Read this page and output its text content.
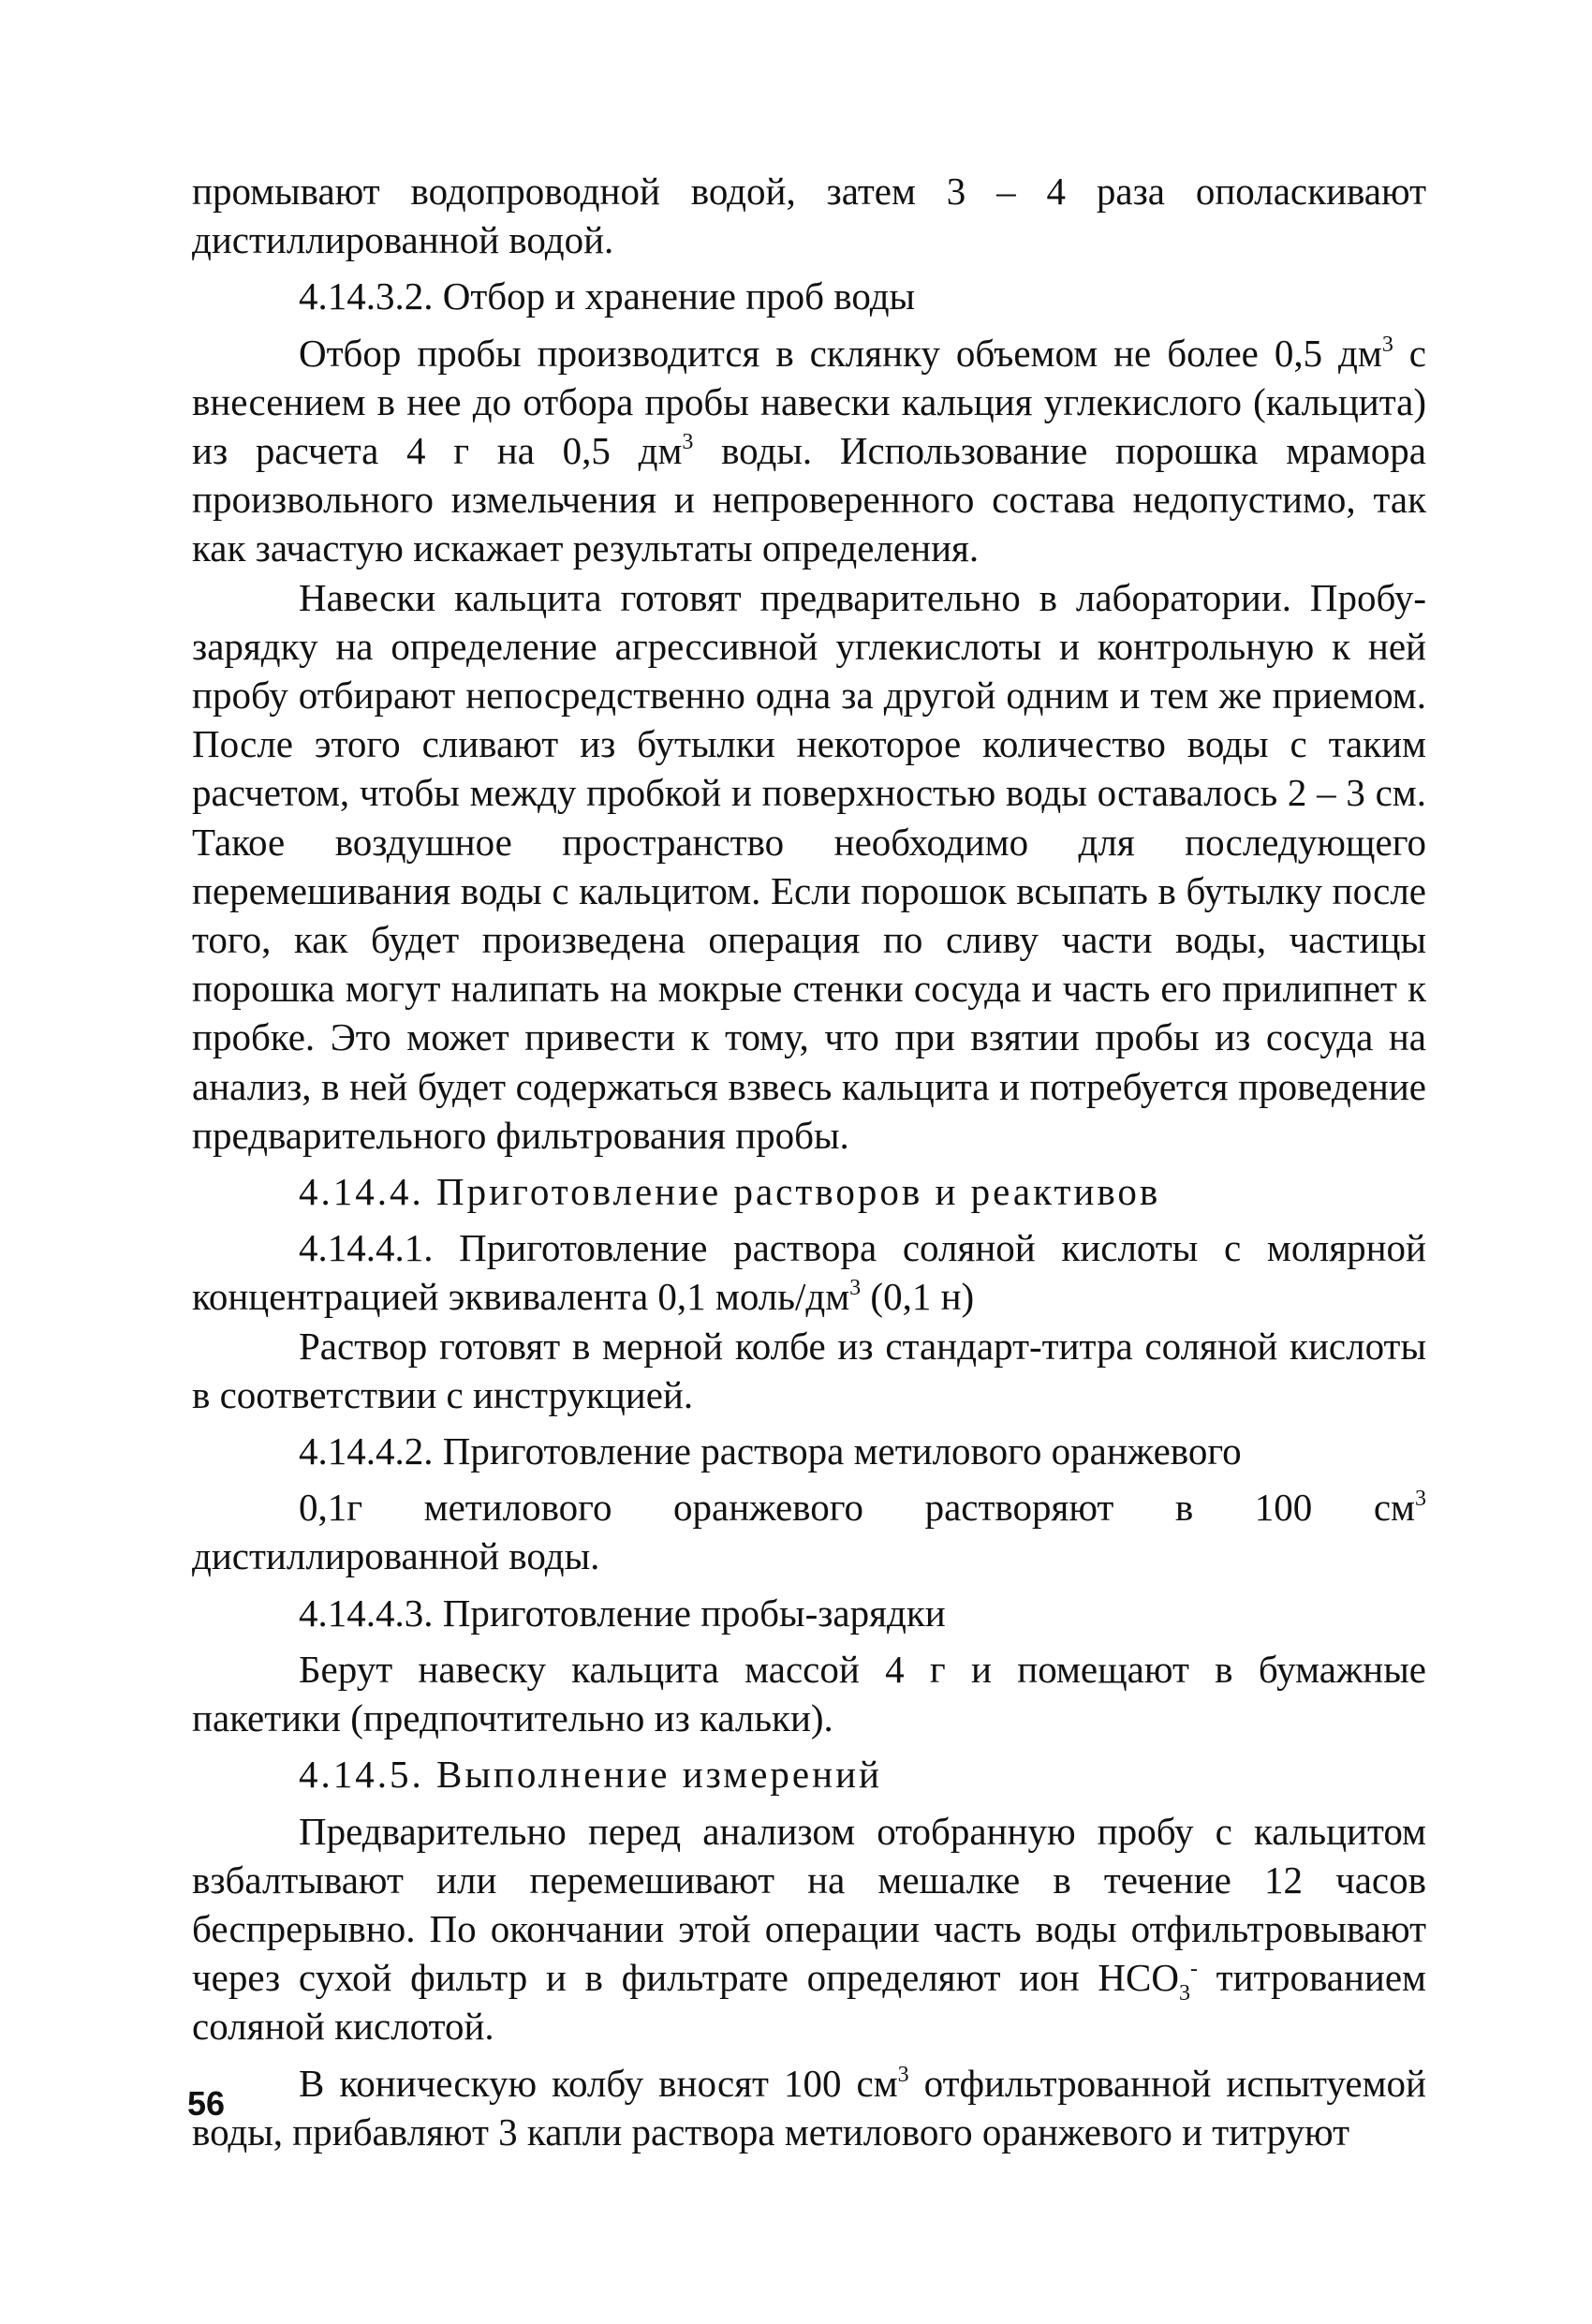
промывают водопроводной водой, затем 3 – 4 раза ополаскивают дистиллированной водой.

4.14.3.2. Отбор и хранение проб воды

Отбор пробы производится в склянку объемом не более 0,5 $дм^3$ с внесением в нее до отбора пробы навески кальция углекислого (кальцита) из расчета 4 г на 0,5 $дм^3$ воды. Использование порошка мрамора произвольного измельчения и непроверенного состава недопустимо, так как зачастую искажает результаты определения.

Навески кальцита готовят предварительно в лаборатории. Пробу-зарядку на определение агрессивной углекислоты и контрольную к ней пробу отбирают непосредственно одна за другой одним и тем же приемом. После этого сливают из бутылки некоторое количество воды с таким расчетом, чтобы между пробкой и поверхностью воды оставалось 2 – 3 см. Такое воздушное пространство необходимо для последующего перемешивания воды с кальцитом. Если порошок всыпать в бутылку после того, как будет произведена операция по сливу части воды, частицы порошка могут налипать на мокрые стенки сосуда и часть его прилипнет к пробке. Это может привести к тому, что при взятии пробы из сосуда на анализ, в ней будет содержаться взвесь кальцита и потребуется проведение предварительного фильтрования пробы.

4.14.4. Приготовление растворов и реактивов

4.14.4.1. Приготовление раствора соляной кислоты с молярной концентрацией эквивалента 0,1 моль/$дм^3$ (0,1 н)

Раствор готовят в мерной колбе из стандарт-титра соляной кислоты в соответствии с инструкцией.

4.14.4.2. Приготовление раствора метилового оранжевого

0,1г метилового оранжевого растворяют в 100 $см^3$ дистиллированной воды.

4.14.4.3. Приготовление пробы-зарядки

Берут навеску кальцита массой 4 г и помещают в бумажные пакетики (предпочтительно из кальки).

4.14.5. Выполнение измерений

Предварительно перед анализом отобранную пробу с кальцитом взбалтывают или перемешивают на мешалке в течение 12 часов беспрерывно. По окончании этой операции часть воды отфильтровывают через сухой фильтр и в фильтрате определяют ион $НСО_3^-$ титрованием соляной кислотой.

В коническую колбу вносят 100 $см^3$ отфильтрованной испытуемой воды, прибавляют 3 капли раствора метилового оранжевого и титруют

56
